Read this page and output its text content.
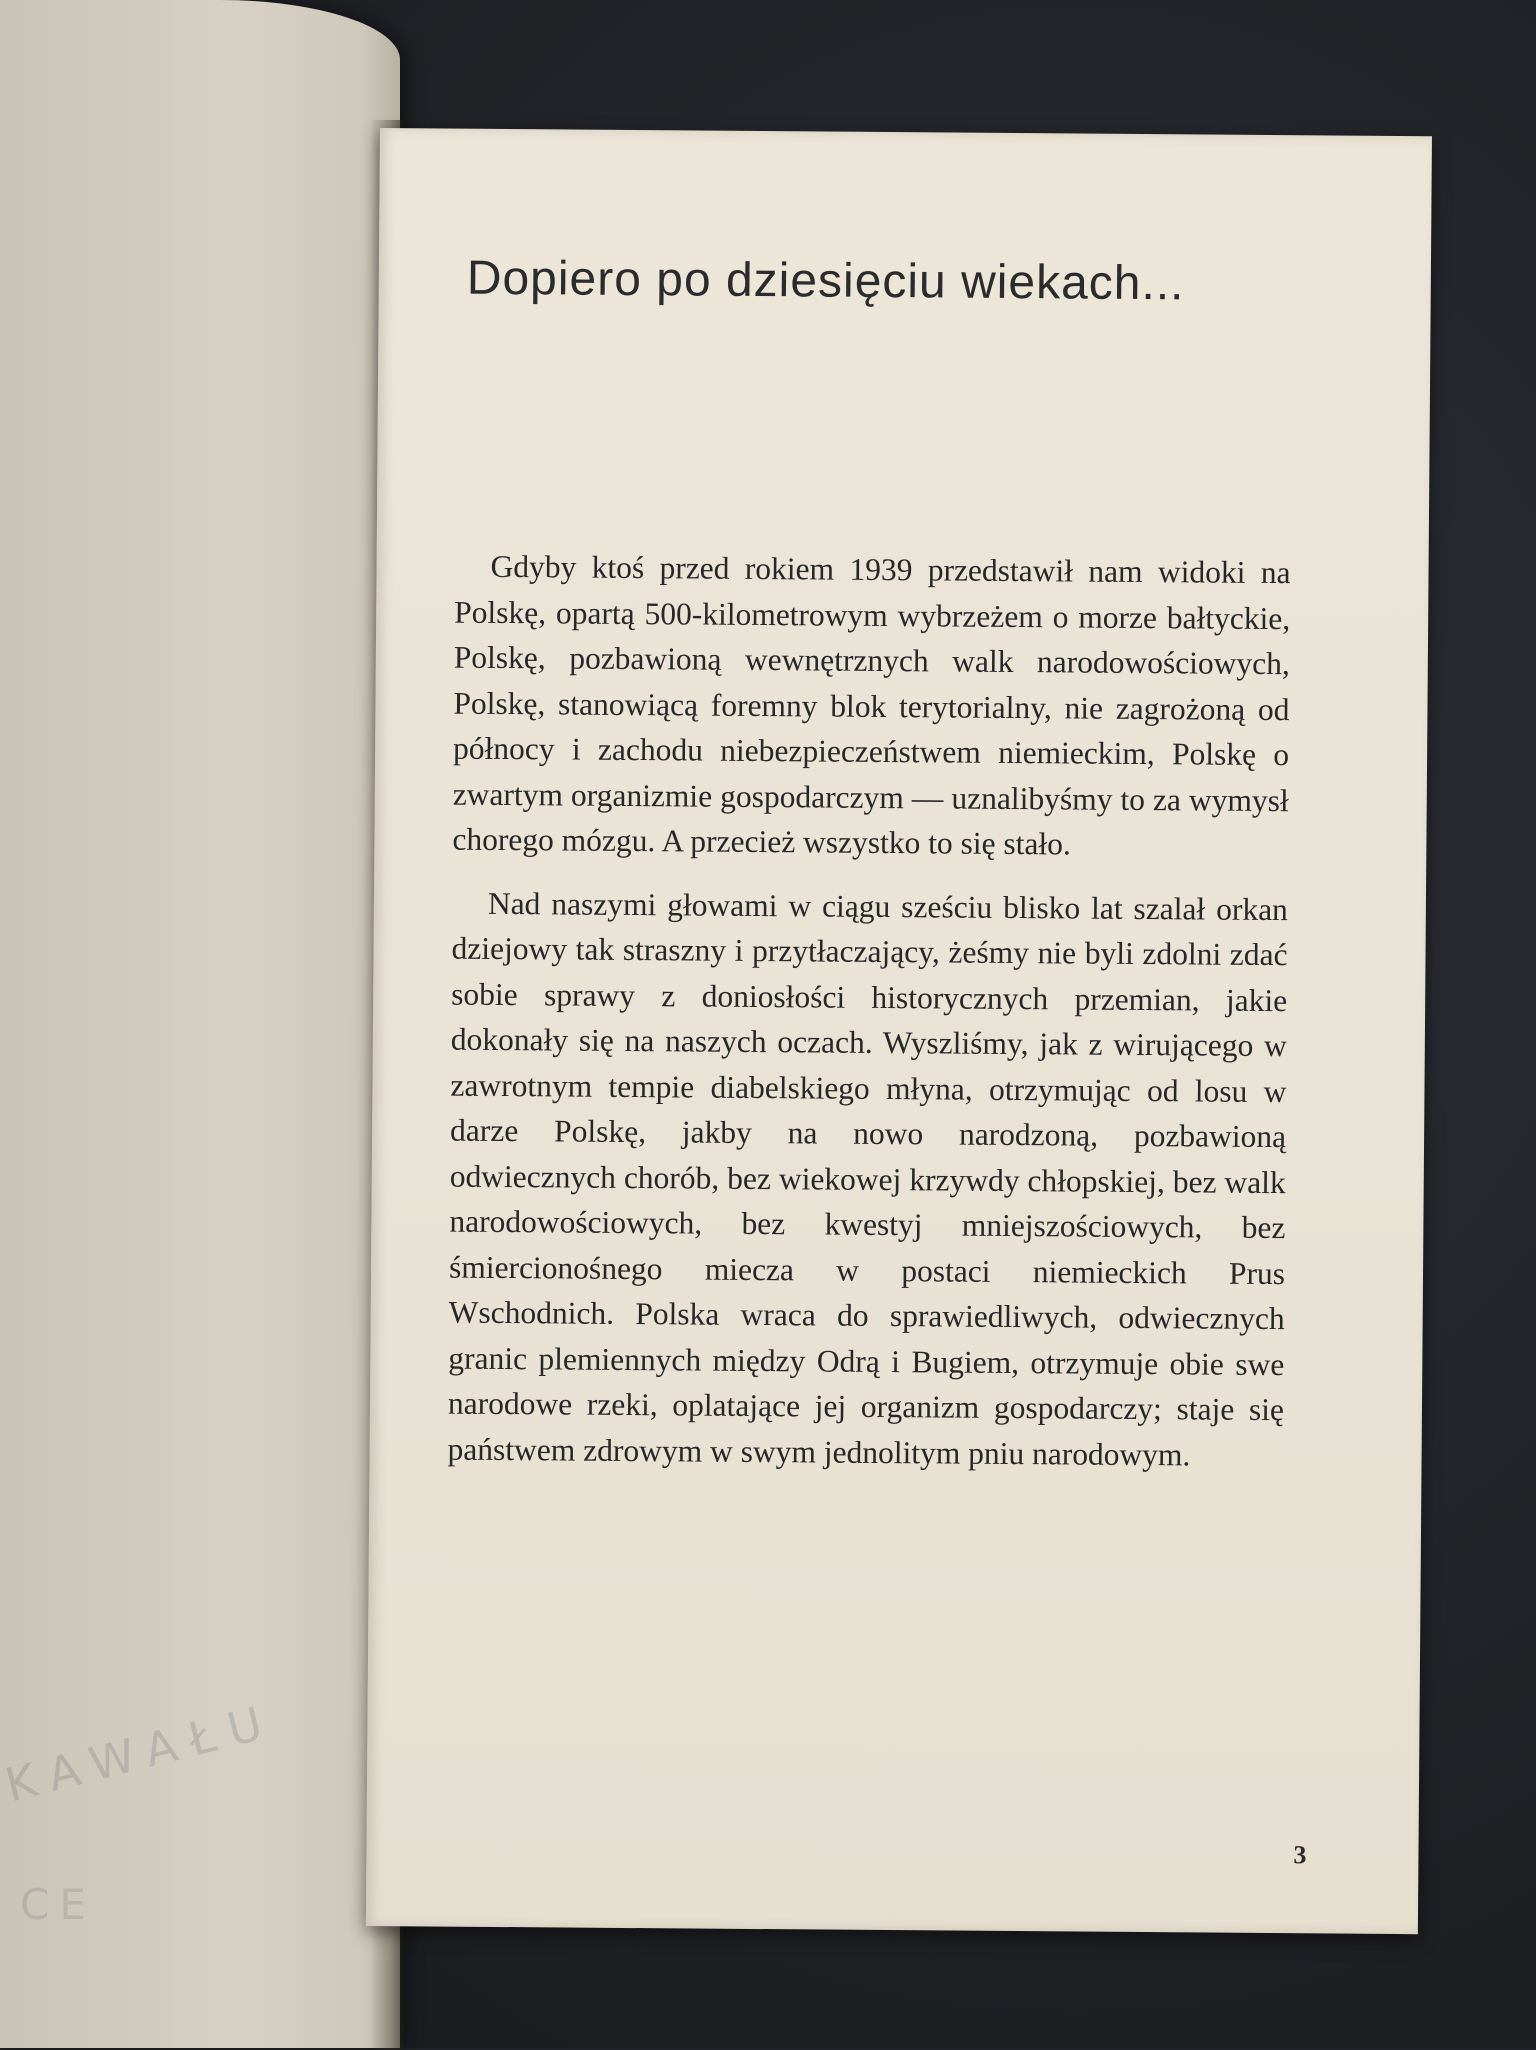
KAWAŁU
CE
Dopiero po dziesięciu wiekach...

Gdyby ktoś przed rokiem 1939 przedstawił nam widoki na Polskę, opartą 500-kilometrowym wybrzeżem o morze bałtyckie, Polskę, pozbawioną wewnętrznych walk narodowościowych, Polskę, stanowiącą foremny blok terytorialny, nie zagrożoną od północy i zachodu niebezpieczeństwem niemieckim, Polskę o zwartym organizmie gospodarczym — uznalibyśmy to za wymysł chorego mózgu. A przecież wszystko to się stało.

Nad naszymi głowami w ciągu sześciu blisko lat szalał orkan dziejowy tak straszny i przytłaczający, żeśmy nie byli zdolni zdać sobie sprawy z doniosłości historycznych przemian, jakie dokonały się na naszych oczach. Wyszliśmy, jak z wirującego w zawrotnym tempie diabelskiego młyna, otrzymując od losu w darze Polskę, jakby na nowo narodzoną, pozbawioną odwiecznych chorób, bez wiekowej krzywdy chłopskiej, bez walk narodowościowych, bez kwestyj mniejszościowych, bez śmiercionośnego miecza w postaci niemieckich Prus Wschodnich. Polska wraca do sprawiedliwych, odwiecznych granic plemiennych między Odrą i Bugiem, otrzymuje obie swe narodowe rzeki, oplatające jej organizm gospodarczy; staje się państwem zdrowym w swym jednolitym pniu narodowym.

3
